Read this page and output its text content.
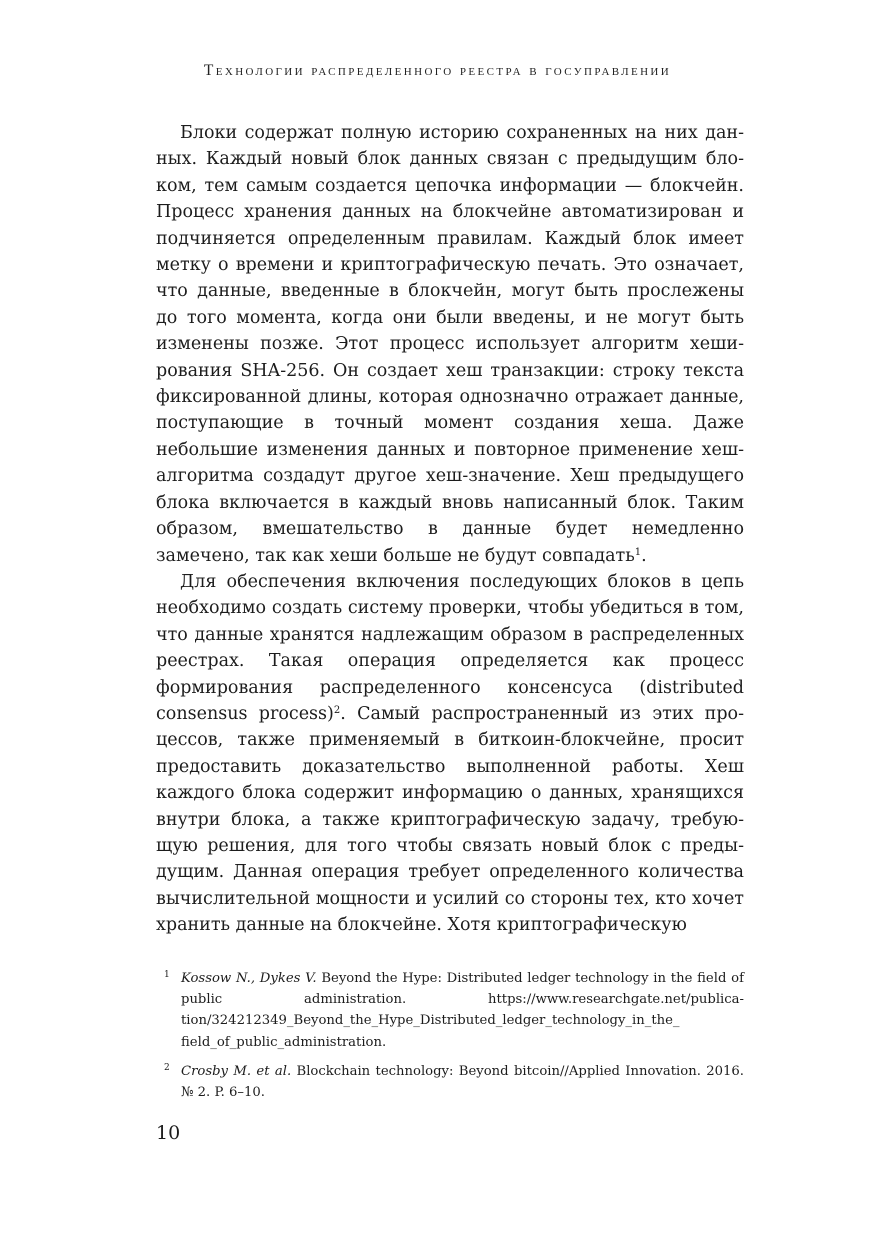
Технологии распределенного реестра в госуправлении

Блоки содержат полную историю сохраненных на них данных. Каждый новый блок данных связан с предыдущим блоком, тем самым создается цепочка информации — блокчейн. Процесс хранения данных на блокчейне автоматизирован и подчиняется определенным правилам. Каждый блок имеет метку о времени и криптографическую печать. Это означает, что данные, введенные в блокчейн, могут быть прослежены до того момента, когда они были введены, и не могут быть изменены позже. Этот процесс использует алгоритм хеширования SHA-256. Он создает хеш транзакции: строку текста фиксированной длины, которая однозначно отражает данные, поступающие в точный момент создания хеша. Даже небольшие изменения данных и повторное применение хеш-алгоритма создадут другое хеш-значение. Хеш предыдущего блока включается в каждый вновь написанный блок. Таким образом, вмешательство в данные будет немедленно замечено, так как хеши больше не будут совпадать$^1$.

Для обеспечения включения последующих блоков в цепь необходимо создать систему проверки, чтобы убедиться в том, что данные хранятся надлежащим образом в распределенных реестрах. Такая операция определяется как процесс формирования распределенного консенсуса (distributed consensus process)$^2$. Самый распространенный из этих процессов, также применяемый в биткоин-блокчейне, просит предоставить доказательство выполненной работы. Хеш каждого блока содержит информацию о данных, хранящихся внутри блока, а также криптографическую задачу, требующую решения, для того чтобы связать новый блок с предыдущим. Данная операция требует определенного количества вычислительной мощности и усилий со стороны тех, кто хочет хранить данные на блокчейне. Хотя криптографическую

1 Kossow N., Dykes V. Beyond the Hype: Distributed ledger technology in the field of public administration. https://www.researchgate.net/publication/324212349_Beyond_the_Hype_Distributed_ledger_technology_in_the_​field_of_public_administration.
2 Crosby M. et al. Blockchain technology: Beyond bitcoin//​Applied Innovation. 2016. № 2. P. 6–10.
10
